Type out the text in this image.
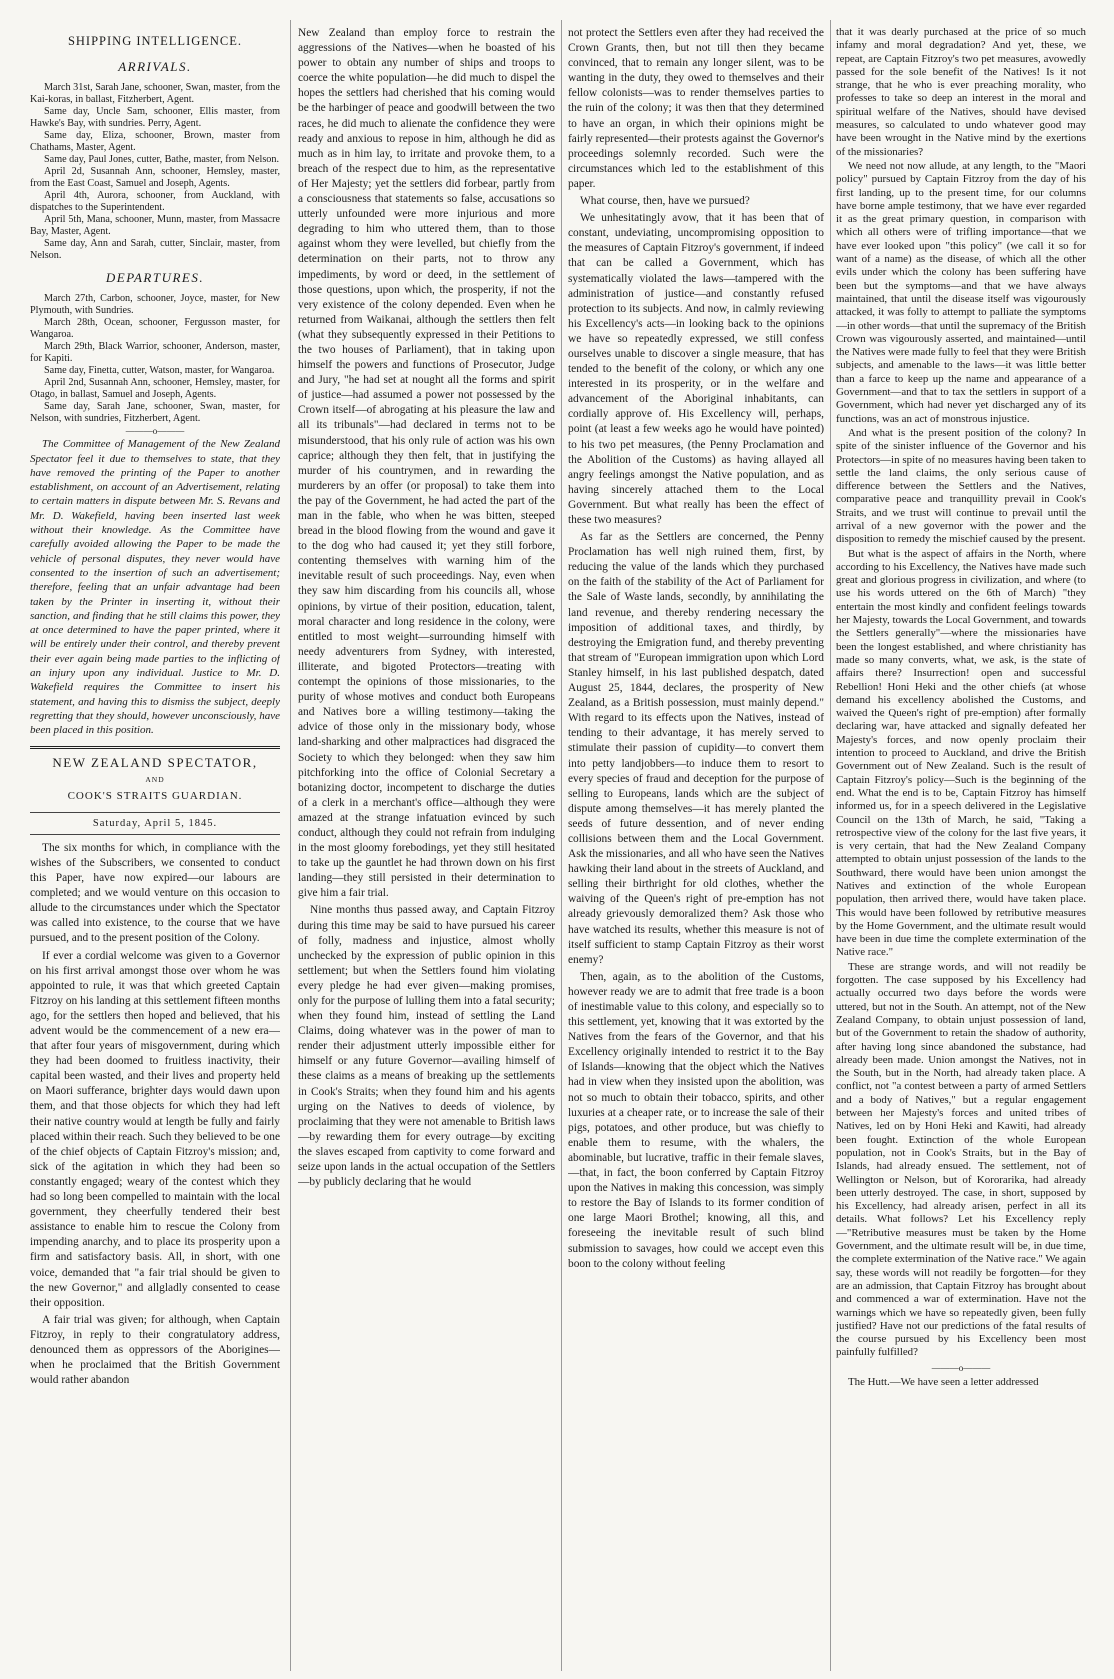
SHIPPING INTELLIGENCE.
ARRIVALS.

March 31st, Sarah Jane, schooner, Swan, master, from the Kai-koras, in ballast, Fitzherbert, Agent.

Same day, Uncle Sam, schooner, Ellis master, from Hawke's Bay, with sundries. Perry, Agent.

Same day, Eliza, schooner, Brown, master from Chathams, Master, Agent.

Same day, Paul Jones, cutter, Bathe, master, from Nelson.

April 2d, Susannah Ann, schooner, Hemsley, master, from the East Coast, Samuel and Joseph, Agents.

April 4th, Aurora, schooner, from Auckland, with dispatches to the Superintendent.

April 5th, Mana, schooner, Munn, master, from Massacre Bay, Master, Agent.

Same day, Ann and Sarah, cutter, Sinclair, master, from Nelson.

DEPARTURES.

March 27th, Carbon, schooner, Joyce, master, for New Plymouth, with Sundries.

March 28th, Ocean, schooner, Fergusson master, for Wangaroa.

March 29th, Black Warrior, schooner, Anderson, master, for Kapiti.

Same day, Finetta, cutter, Watson, master, for Wangaroa.

April 2nd, Susannah Ann, schooner, Hemsley, master, for Otago, in ballast, Samuel and Joseph, Agents.

Same day, Sarah Jane, schooner, Swan, master, for Nelson, with sundries, Fitzherbert, Agent.

———o———

The Committee of Management of the New Zealand Spectator feel it due to themselves to state, that they have removed the printing of the Paper to another establishment, on account of an Advertisement, relating to certain matters in dispute between Mr. S. Revans and Mr. D. Wakefield, having been inserted last week without their knowledge. As the Committee have carefully avoided allowing the Paper to be made the vehicle of personal disputes, they never would have consented to the insertion of such an advertisement; therefore, feeling that an unfair advantage had been taken by the Printer in inserting it, without their sanction, and finding that he still claims this power, they at once determined to have the paper printed, where it will be entirely under their control, and thereby prevent their ever again being made parties to the inflicting of an injury upon any individual. Justice to Mr. D. Wakefield requires the Committee to insert his statement, and having this to dismiss the subject, deeply regretting that they should, however unconsciously, have been placed in this position.

NEW ZEALAND SPECTATOR,
AND
COOK'S STRAITS GUARDIAN.
Saturday, April 5, 1845.

The six months for which, in compliance with the wishes of the Subscribers, we consented to conduct this Paper, have now expired—our labours are completed; and we would venture on this occasion to allude to the circumstances under which the Spectator was called into existence, to the course that we have pursued, and to the present position of the Colony.

If ever a cordial welcome was given to a Governor on his first arrival amongst those over whom he was appointed to rule, it was that which greeted Captain Fitzroy on his landing at this settlement fifteen months ago, for the settlers then hoped and believed, that his advent would be the commencement of a new era—that after four years of misgovernment, during which they had been doomed to fruitless inactivity, their capital been wasted, and their lives and property held on Maori sufferance, brighter days would dawn upon them, and that those objects for which they had left their native country would at length be fully and fairly placed within their reach. Such they believed to be one of the chief objects of Captain Fitzroy's mission; and, sick of the agitation in which they had been so constantly engaged; weary of the contest which they had so long been compelled to maintain with the local government, they cheerfully tendered their best assistance to enable him to rescue the Colony from impending anarchy, and to place its prosperity upon a firm and satisfactory basis. All, in short, with one voice, demanded that "a fair trial should be given to the new Governor," and allgladly consented to cease their opposition.

A fair trial was given; for although, when Captain Fitzroy, in reply to their congratulatory address, denounced them as oppressors of the Aborigines—when he proclaimed that the British Government would rather abandon

New Zealand than employ force to restrain the aggressions of the Natives—when he boasted of his power to obtain any number of ships and troops to coerce the white population—he did much to dispel the hopes the settlers had cherished that his coming would be the harbinger of peace and goodwill between the two races, he did much to alienate the confidence they were ready and anxious to repose in him, although he did as much as in him lay, to irritate and provoke them, to a breach of the respect due to him, as the representative of Her Majesty; yet the settlers did forbear, partly from a consciousness that statements so false, accusations so utterly unfounded were more injurious and more degrading to him who uttered them, than to those against whom they were levelled, but chiefly from the determination on their parts, not to throw any impediments, by word or deed, in the settlement of those questions, upon which, the prosperity, if not the very existence of the colony depended. Even when he returned from Waikanai, although the settlers then felt (what they subsequently expressed in their Petitions to the two houses of Parliament), that in taking upon himself the powers and functions of Prosecutor, Judge and Jury, "he had set at nought all the forms and spirit of justice—had assumed a power not possessed by the Crown itself—of abrogating at his pleasure the law and all its tribunals"—had declared in terms not to be misunderstood, that his only rule of action was his own caprice; although they then felt, that in justifying the murder of his countrymen, and in rewarding the murderers by an offer (or proposal) to take them into the pay of the Government, he had acted the part of the man in the fable, who when he was bitten, steeped bread in the blood flowing from the wound and gave it to the dog who had caused it; yet they still forbore, contenting themselves with warning him of the inevitable result of such proceedings. Nay, even when they saw him discarding from his councils all, whose opinions, by virtue of their position, education, talent, moral character and long residence in the colony, were entitled to most weight—surrounding himself with needy adventurers from Sydney, with interested, illiterate, and bigoted Protectors—treating with contempt the opinions of those missionaries, to the purity of whose motives and conduct both Europeans and Natives bore a willing testimony—taking the advice of those only in the missionary body, whose land-sharking and other malpractices had disgraced the Society to which they belonged: when they saw him pitchforking into the office of Colonial Secretary a botanizing doctor, incompetent to discharge the duties of a clerk in a merchant's office—although they were amazed at the strange infatuation evinced by such conduct, although they could not refrain from indulging in the most gloomy forebodings, yet they still hesitated to take up the gauntlet he had thrown down on his first landing—they still persisted in their determination to give him a fair trial.

Nine months thus passed away, and Captain Fitzroy during this time may be said to have pursued his career of folly, madness and injustice, almost wholly unchecked by the expression of public opinion in this settlement; but when the Settlers found him violating every pledge he had ever given—making promises, only for the purpose of lulling them into a fatal security; when they found him, instead of settling the Land Claims, doing whatever was in the power of man to render their adjustment utterly impossible either for himself or any future Governor—availing himself of these claims as a means of breaking up the settlements in Cook's Straits; when they found him and his agents urging on the Natives to deeds of violence, by proclaiming that they were not amenable to British laws—by rewarding them for every outrage—by exciting the slaves escaped from captivity to come forward and seize upon lands in the actual occupation of the Settlers—by publicly declaring that he would

not protect the Settlers even after they had received the Crown Grants, then, but not till then they became convinced, that to remain any longer silent, was to be wanting in the duty, they owed to themselves and their fellow colonists—was to render themselves parties to the ruin of the colony; it was then that they determined to have an organ, in which their opinions might be fairly represented—their protests against the Governor's proceedings solemnly recorded. Such were the circumstances which led to the establishment of this paper.

What course, then, have we pursued?

We unhesitatingly avow, that it has been that of constant, undeviating, uncompromising opposition to the measures of Captain Fitzroy's government, if indeed that can be called a Government, which has systematically violated the laws—tampered with the administration of justice—and constantly refused protection to its subjects. And now, in calmly reviewing his Excellency's acts—in looking back to the opinions we have so repeatedly expressed, we still confess ourselves unable to discover a single measure, that has tended to the benefit of the colony, or which any one interested in its prosperity, or in the welfare and advancement of the Aboriginal inhabitants, can cordially approve of. His Excellency will, perhaps, point (at least a few weeks ago he would have pointed) to his two pet measures, (the Penny Proclamation and the Abolition of the Customs) as having allayed all angry feelings amongst the Native population, and as having sincerely attached them to the Local Government. But what really has been the effect of these two measures?

As far as the Settlers are concerned, the Penny Proclamation has well nigh ruined them, first, by reducing the value of the lands which they purchased on the faith of the stability of the Act of Parliament for the Sale of Waste lands, secondly, by annihilating the land revenue, and thereby rendering necessary the imposition of additional taxes, and thirdly, by destroying the Emigration fund, and thereby preventing that stream of "European immigration upon which Lord Stanley himself, in his last published despatch, dated August 25, 1844, declares, the prosperity of New Zealand, as a British possession, must mainly depend." With regard to its effects upon the Natives, instead of tending to their advantage, it has merely served to stimulate their passion of cupidity—to convert them into petty landjobbers—to induce them to resort to every species of fraud and deception for the purpose of selling to Europeans, lands which are the subject of dispute among themselves—it has merely planted the seeds of future dessention, and of never ending collisions between them and the Local Government. Ask the missionaries, and all who have seen the Natives hawking their land about in the streets of Auckland, and selling their birthright for old clothes, whether the waiving of the Queen's right of pre-emption has not already grievously demoralized them? Ask those who have watched its results, whether this measure is not of itself sufficient to stamp Captain Fitzroy as their worst enemy?

Then, again, as to the abolition of the Customs, however ready we are to admit that free trade is a boon of inestimable value to this colony, and especially so to this settlement, yet, knowing that it was extorted by the Natives from the fears of the Governor, and that his Excellency originally intended to restrict it to the Bay of Islands—knowing that the object which the Natives had in view when they insisted upon the abolition, was not so much to obtain their tobacco, spirits, and other luxuries at a cheaper rate, or to increase the sale of their pigs, potatoes, and other produce, but was chiefly to enable them to resume, with the whalers, the abominable, but lucrative, traffic in their female slaves,—that, in fact, the boon conferred by Captain Fitzroy upon the Natives in making this concession, was simply to restore the Bay of Islands to its former condition of one large Maori Brothel; knowing, all this, and foreseeing the inevitable result of such blind submission to savages, how could we accept even this boon to the colony without feeling

that it was dearly purchased at the price of so much infamy and moral degradation? And yet, these, we repeat, are Captain Fitzroy's two pet measures, avowedly passed for the sole benefit of the Natives! Is it not strange, that he who is ever preaching morality, who professes to take so deep an interest in the moral and spiritual welfare of the Natives, should have devised measures, so calculated to undo whatever good may have been wrought in the Native mind by the exertions of the missionaries?

We need not now allude, at any length, to the "Maori policy" pursued by Captain Fitzroy from the day of his first landing, up to the present time, for our columns have borne ample testimony, that we have ever regarded it as the great primary question, in comparison with which all others were of trifling importance—that we have ever looked upon "this policy" (we call it so for want of a name) as the disease, of which all the other evils under which the colony has been suffering have been but the symptoms—and that we have always maintained, that until the disease itself was vigourously attacked, it was folly to attempt to palliate the symptoms—in other words—that until the supremacy of the British Crown was vigourously asserted, and maintained—until the Natives were made fully to feel that they were British subjects, and amenable to the laws—it was little better than a farce to keep up the name and appearance of a Government—and that to tax the settlers in support of a Government, which had never yet discharged any of its functions, was an act of monstrous injustice.

And what is the present position of the colony? In spite of the sinister influence of the Governor and his Protectors—in spite of no measures having been taken to settle the land claims, the only serious cause of difference between the Settlers and the Natives, comparative peace and tranquillity prevail in Cook's Straits, and we trust will continue to prevail until the arrival of a new governor with the power and the disposition to remedy the mischief caused by the present.

But what is the aspect of affairs in the North, where according to his Excellency, the Natives have made such great and glorious progress in civilization, and where (to use his words uttered on the 6th of March) "they entertain the most kindly and confident feelings towards her Majesty, towards the Local Government, and towards the Settlers generally"—where the missionaries have been the longest established, and where christianity has made so many converts, what, we ask, is the state of affairs there? Insurrection! open and successful Rebellion! Honi Heki and the other chiefs (at whose demand his excellency abolished the Customs, and waived the Queen's right of pre-emption) after formally declaring war, have attacked and signally defeated her Majesty's forces, and now openly proclaim their intention to proceed to Auckland, and drive the British Government out of New Zealand. Such is the result of Captain Fitzroy's policy—Such is the beginning of the end. What the end is to be, Captain Fitzroy has himself informed us, for in a speech delivered in the Legislative Council on the 13th of March, he said, "Taking a retrospective view of the colony for the last five years, it is very certain, that had the New Zealand Company attempted to obtain unjust possession of the lands to the Southward, there would have been union amongst the Natives and extinction of the whole European population, then arrived there, would have taken place. This would have been followed by retributive measures by the Home Government, and the ultimate result would have been in due time the complete extermination of the Native race."

These are strange words, and will not readily be forgotten. The case supposed by his Excellency had actually occurred two days before the words were uttered, but not in the South. An attempt, not of the New Zealand Company, to obtain unjust possession of land, but of the Government to retain the shadow of authority, after having long since abandoned the substance, had already been made. Union amongst the Natives, not in the South, but in the North, had already taken place. A conflict, not "a contest between a party of armed Settlers and a body of Natives," but a regular engagement between her Majesty's forces and united tribes of Natives, led on by Honi Heki and Kawiti, had already been fought. Extinction of the whole European population, not in Cook's Straits, but in the Bay of Islands, had already ensued. The settlement, not of Wellington or Nelson, but of Kororarika, had already been utterly destroyed. The case, in short, supposed by his Excellency, had already arisen, perfect in all its details. What follows? Let his Excellency reply—"Retributive measures must be taken by the Home Government, and the ultimate result will be, in due time, the complete extermination of the Native race." We again say, these words will not readily be forgotten—for they are an admission, that Captain Fitzroy has brought about and commenced a war of extermination. Have not the warnings which we have so repeatedly given, been fully justified? Have not our predictions of the fatal results of the course pursued by his Excellency been most painfully fulfilled?

———o———

The Hutt.—We have seen a letter addressed
